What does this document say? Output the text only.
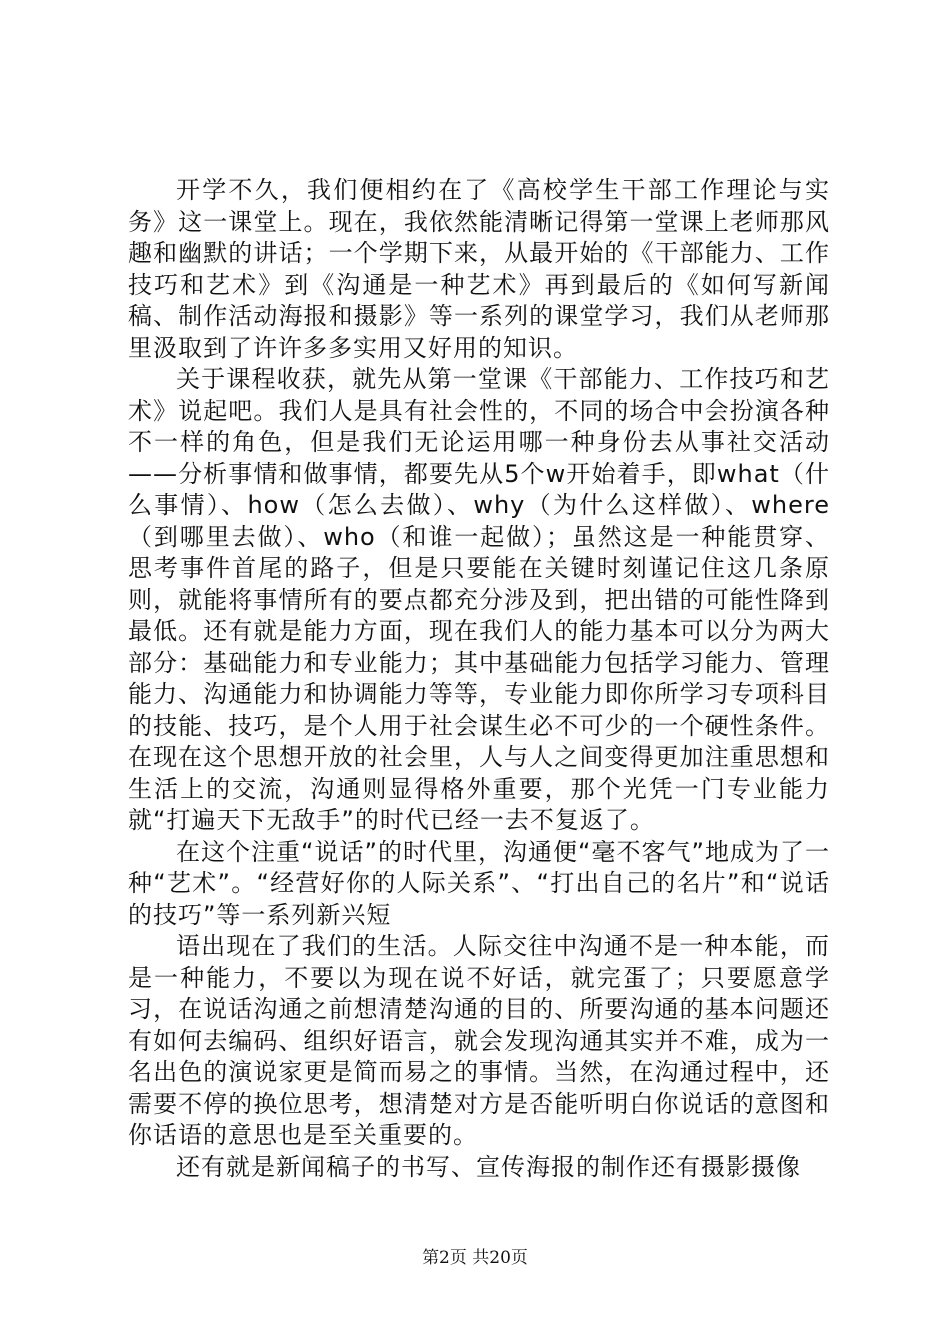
开学不久，我们便相约在了《高校学生干部工作理论与实务》这一课堂上。现在，我依然能清晰记得第一堂课上老师那风趣和幽默的讲话；一个学期下来，从最开始的《干部能力、工作技巧和艺术》到《沟通是一种艺术》再到最后的《如何写新闻稿、制作活动海报和摄影》等一系列的课堂学习，我们从老师那里汲取到了许许多多实用又好用的知识。

关于课程收获，就先从第一堂课《干部能力、工作技巧和艺术》说起吧。我们人是具有社会性的，不同的场合中会扮演各种不一样的角色，但是我们无论运用哪一种身份去从事社交活动——分析事情和做事情，都要先从5个w开始着手，即what（什么事情）、how（怎么去做）、why（为什么这样做）、where（到哪里去做）、who（和谁一起做）；虽然这是一种能贯穿、思考事件首尾的路子，但是只要能在关键时刻谨记住这几条原则，就能将事情所有的要点都充分涉及到，把出错的可能性降到最低。还有就是能力方面，现在我们人的能力基本可以分为两大部分：基础能力和专业能力；其中基础能力包括学习能力、管理能力、沟通能力和协调能力等等，专业能力即你所学习专项科目的技能、技巧，是个人用于社会谋生必不可少的一个硬性条件。在现在这个思想开放的社会里，人与人之间变得更加注重思想和生活上的交流，沟通则显得格外重要，那个光凭一门专业能力就“打遍天下无敌手”的时代已经一去不复返了。

在这个注重“说话”的时代里，沟通便“毫不客气”地成为了一种“艺术”。“经营好你的人际关系”、“打出自己的名片”和“说话的技巧”等一系列新兴短

语出现在了我们的生活。人际交往中沟通不是一种本能，而是一种能力，不要以为现在说不好话，就完蛋了；只要愿意学习，在说话沟通之前想清楚沟通的目的、所要沟通的基本问题还有如何去编码、组织好语言，就会发现沟通其实并不难，成为一名出色的演说家更是简而易之的事情。当然，在沟通过程中，还需要不停的换位思考，想清楚对方是否能听明白你说话的意图和你话语的意思也是至关重要的。

还有就是新闻稿子的书写、宣传海报的制作还有摄影摄像

第2页 共20页
